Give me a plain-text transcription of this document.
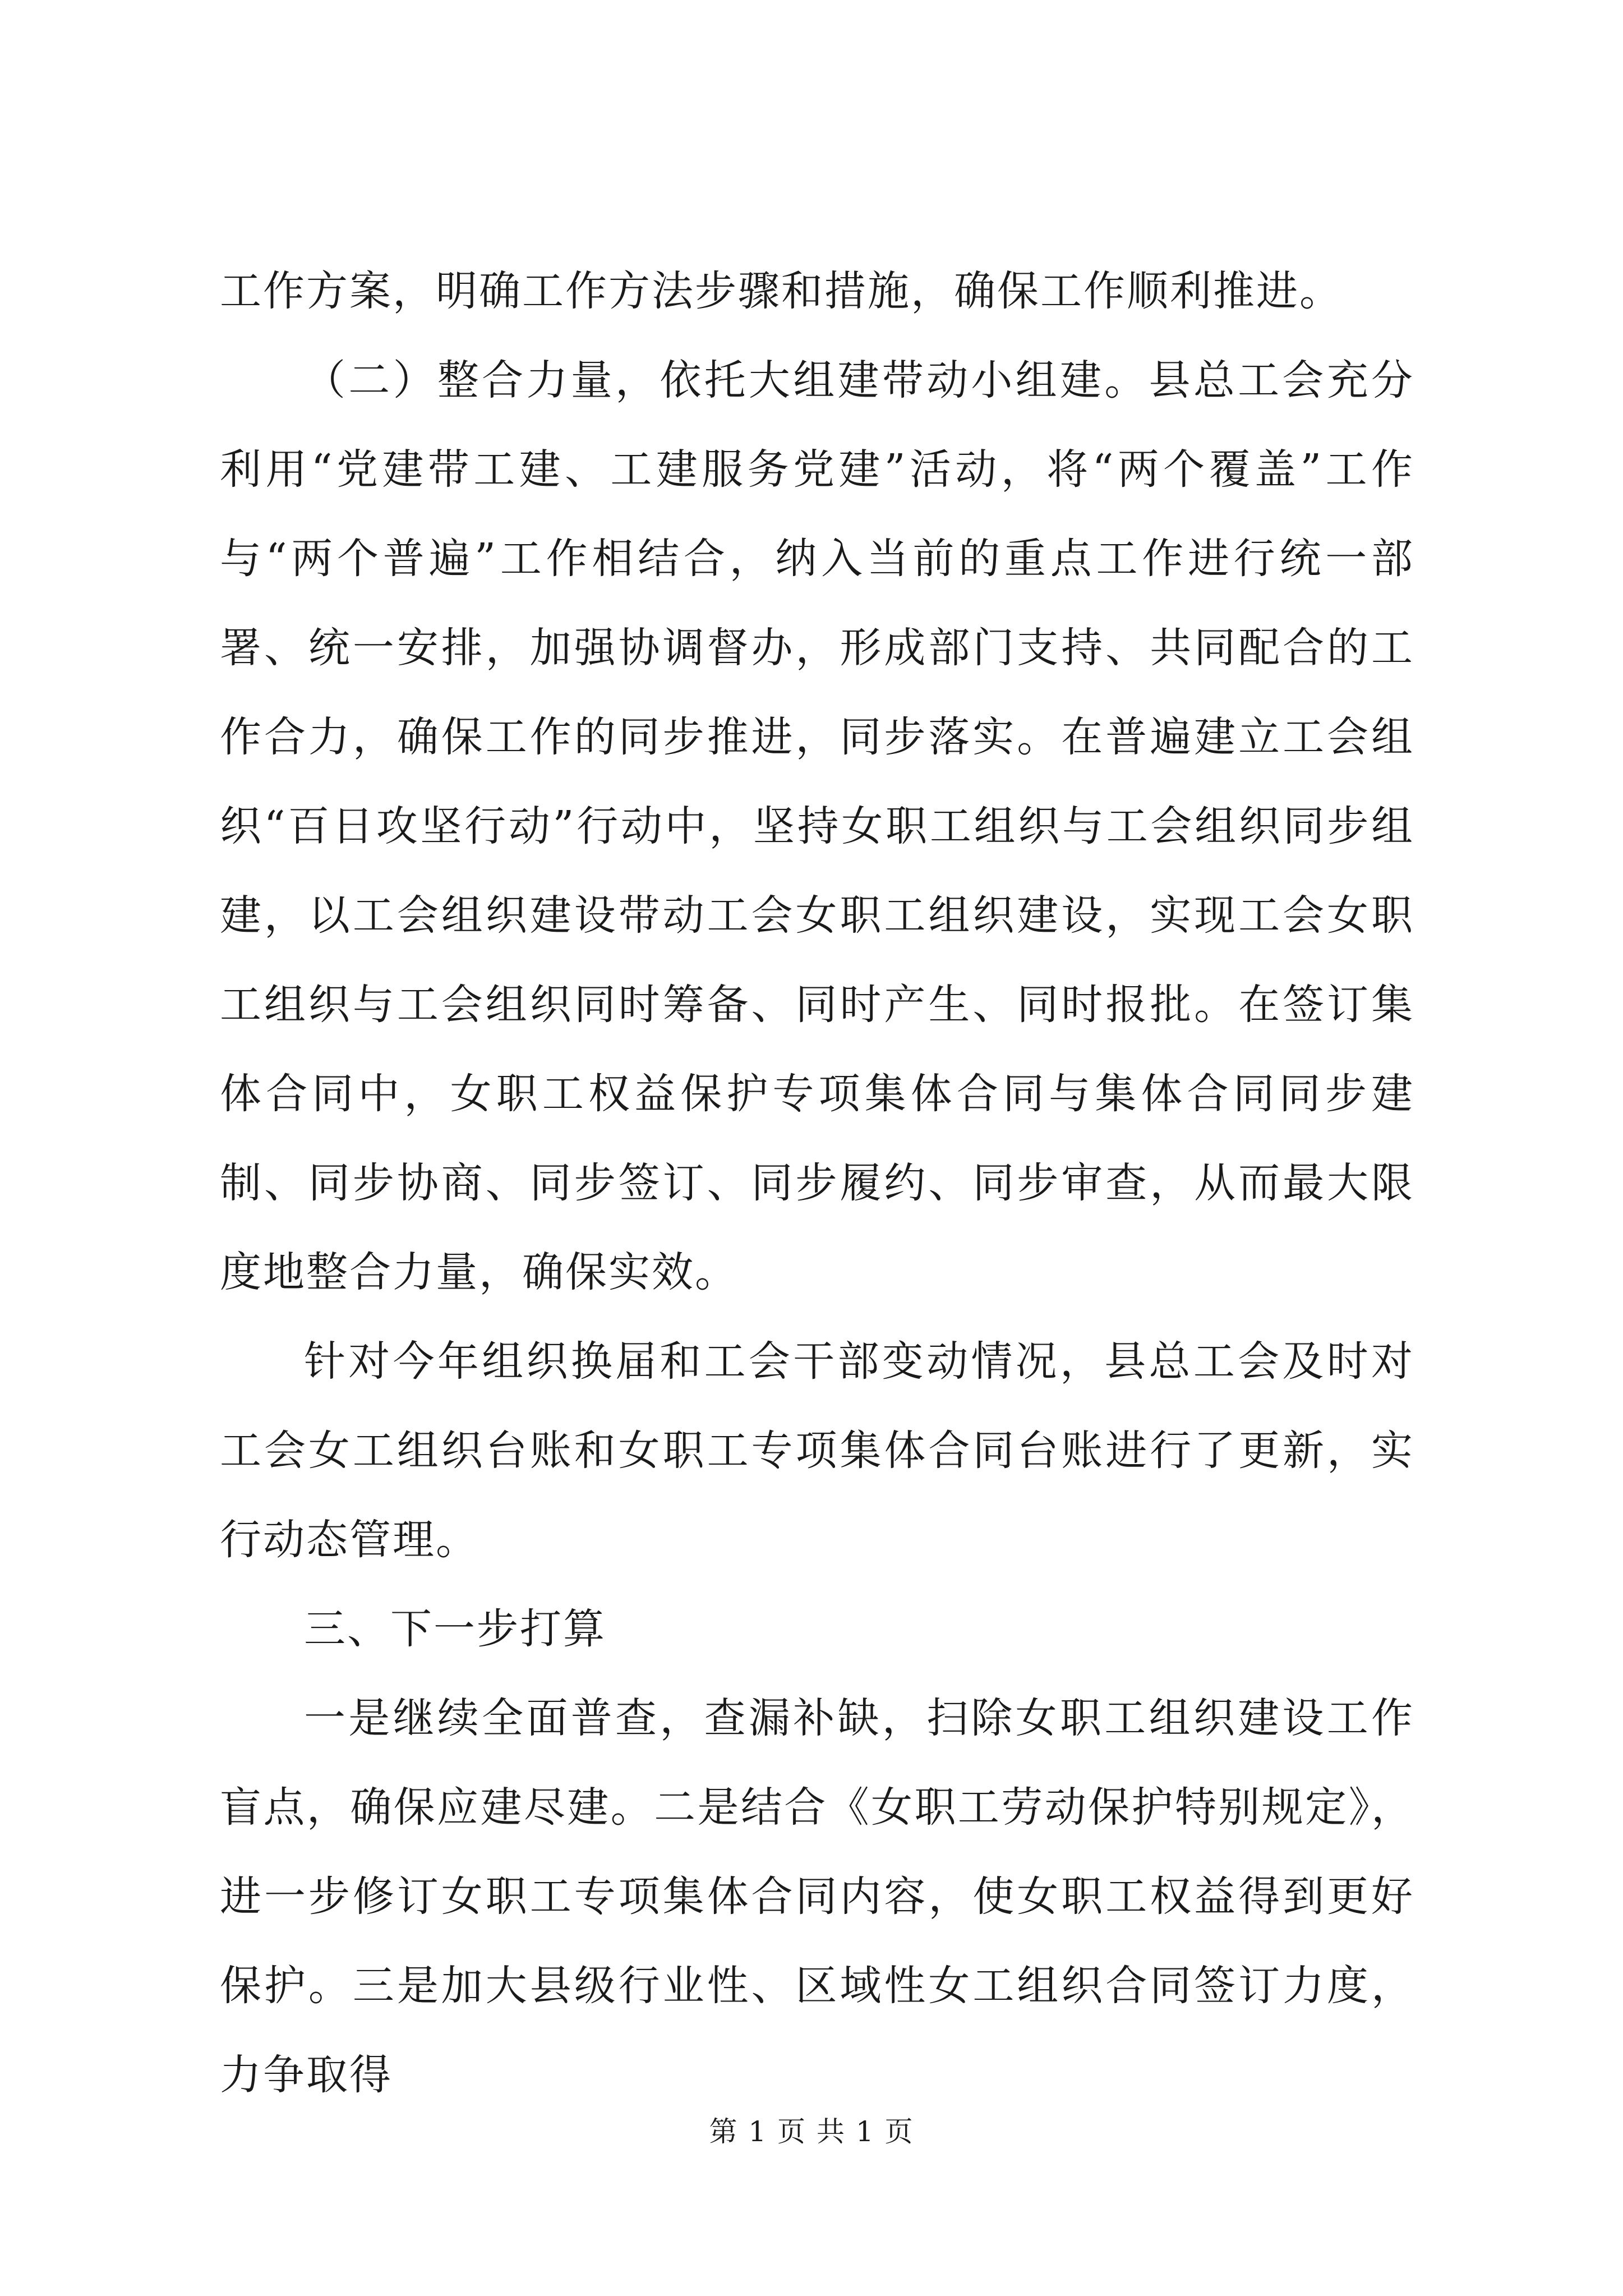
工作方案，明确工作方法步骤和措施，确保工作顺利推进。

（二）整合力量，依托大组建带动小组建。县总工会充分利用“党建带工建、工建服务党建”活动，将“两个覆盖”工作与“两个普遍”工作相结合，纳入当前的重点工作进行统一部署、统一安排，加强协调督办，形成部门支持、共同配合的工作合力，确保工作的同步推进，同步落实。在普遍建立工会组织“百日攻坚行动”行动中，坚持女职工组织与工会组织同步组建，以工会组织建设带动工会女职工组织建设，实现工会女职工组织与工会组织同时筹备、同时产生、同时报批。在签订集体合同中，女职工权益保护专项集体合同与集体合同同步建制、同步协商、同步签订、同步履约、同步审查，从而最大限度地整合力量，确保实效。

针对今年组织换届和工会干部变动情况，县总工会及时对工会女工组织台账和女职工专项集体合同台账进行了更新，实行动态管理。

三、下一步打算

一是继续全面普查，查漏补缺，扫除女职工组织建设工作盲点，确保应建尽建。二是结合《女职工劳动保护特别规定》，进一步修订女职工专项集体合同内容，使女职工权益得到更好保护。三是加大县级行业性、区域性女工组织合同签订力度，力争取得

第 1 页 共 1 页
